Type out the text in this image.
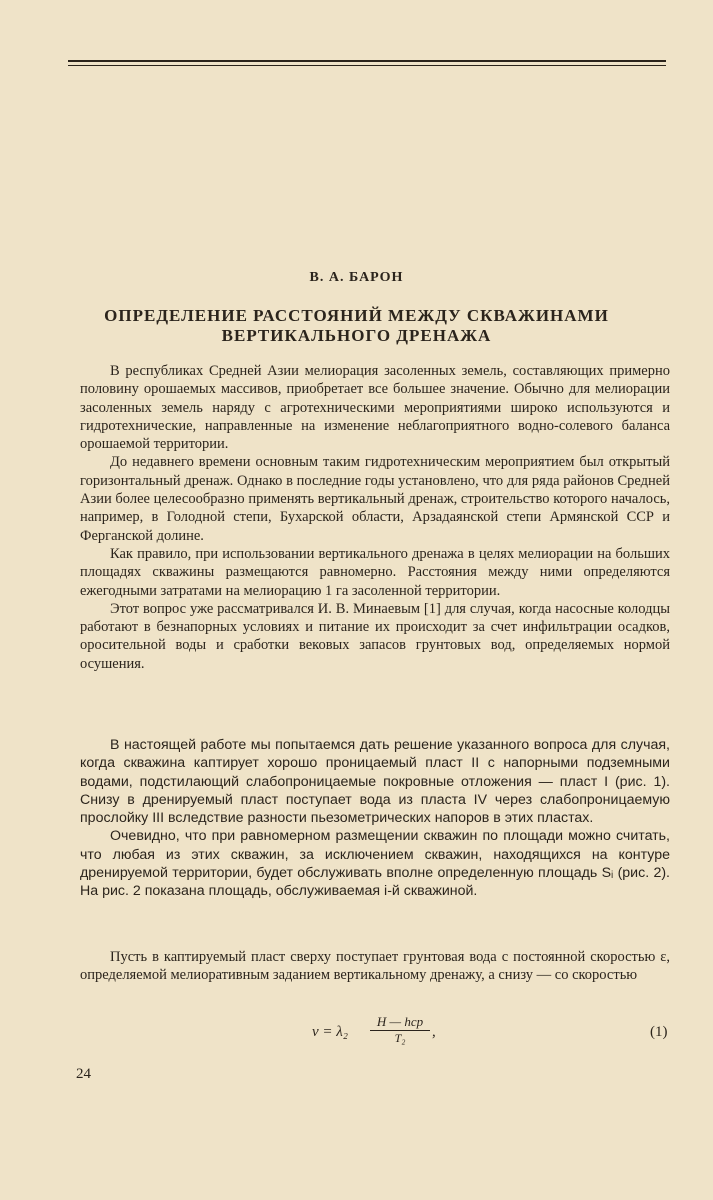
В. А. БАРОН
ОПРЕДЕЛЕНИЕ РАССТОЯНИЙ МЕЖДУ СКВАЖИНАМИ
ВЕРТИКАЛЬНОГО ДРЕНАЖА

В республиках Средней Азии мелиорация засоленных земель, составляющих примерно половину орошаемых массивов, приобретает все большее значение. Обычно для мелиорации засоленных земель наряду с агротехническими мероприятиями широко используются и гидротехнические, направленные на изменение неблагоприятного водно-солевого баланса орошаемой территории.

До недавнего времени основным таким гидротехническим мероприятием был открытый горизонтальный дренаж. Однако в последние годы установлено, что для ряда районов Средней Азии более целесообразно применять вертикальный дренаж, строительство которого началось, например, в Голодной степи, Бухарской области, Арзадаянской степи Армянской ССР и Ферганской долине.

Как правило, при использовании вертикального дренажа в целях мелиорации на больших площадях скважины размещаются равномерно. Расстояния между ними определяются ежегодными затратами на мелиорацию 1 га засоленной территории.

Этот вопрос уже рассматривался И. В. Минаевым [1] для случая, когда насосные колодцы работают в безнапорных условиях и питание их происходит за счет инфильтрации осадков, оросительной воды и сработки вековых запасов грунтовых вод, определяемых нормой осушения.

В настоящей работе мы попытаемся дать решение указанного вопроса для случая, когда скважина каптирует хорошо проницаемый пласт II с напорными подземными водами, подстилающий слабопроницаемые покровные отложения — пласт I (рис. 1). Снизу в дренируемый пласт поступает вода из пласта IV через слабопроницаемую прослойку III вследствие разности пьезометрических напоров в этих пластах.

Очевидно, что при равномерном размещении скважин по площади можно считать, что любая из этих скважин, за исключением скважин, находящихся на контуре дренируемой территории, будет обслуживать вполне определенную площадь Sᵢ (рис. 2). На рис. 2 показана площадь, обслуживаемая i-й скважиной.

Пусть в каптируемый пласт сверху поступает грунтовая вода с постоянной скоростью ε, определяемой мелиоративным заданием вертикальному дренажу, а снизу — со скоростью

v = λ₂
H — hср
T₂	,	(1)
24
